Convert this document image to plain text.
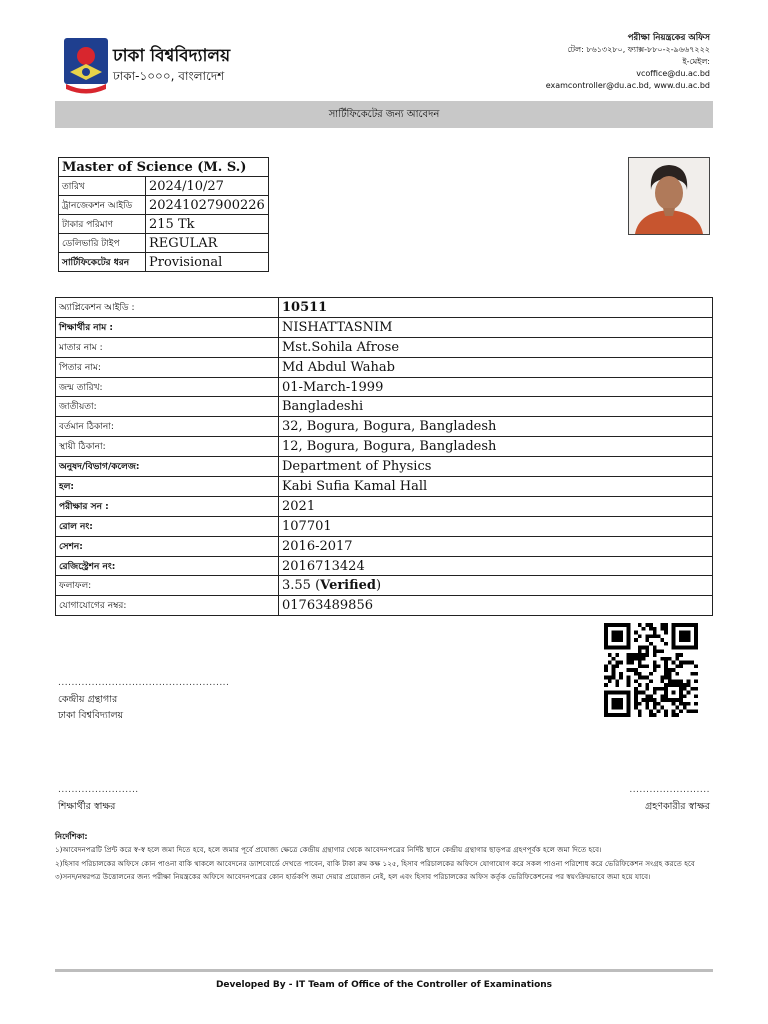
ঢাকা বিশ্ববিদ্যালয়
ঢাকা-১০০০, বাংলাদেশ
পরীক্ষা নিয়ন্ত্রকের অফিস
টেল: ৮৬১৩২৮০, ফ্যাক্স-৮৮০-২-৯৬৬৭২২২
ই-মেইল:
vcoffice@du.ac.bd
examcontroller@du.ac.bd, www.du.ac.bd
সার্টিফিকেটের জন্য আবেদন
Master of Science (M. S.)	
তারিখ	2024/10/27
ট্রানজেকশন আইডি	20241027900226
টাকার পরিমাণ	215 Tk
ডেলিভারি টাইপ	REGULAR
সার্টিফিকেটের ধরন	Provisional
অ্যাপ্লিকেশন আইডি :	10511
শিক্ষার্থীর নাম :	NISHATTASNIM
মাতার নাম :	Mst.Sohila Afrose
পিতার নাম:	Md Abdul Wahab
জন্ম তারিখ:	01-March-1999
জাতীয়তা:	Bangladeshi
বর্তমান ঠিকানা:	32, Bogura, Bogura, Bangladesh
স্থায়ী ঠিকানা:	12, Bogura, Bogura, Bangladesh
অনুষদ/বিভাগ/কলেজ:	Department of Physics
হল:	Kabi Sufia Kamal Hall
পরীক্ষার সন :	2021
রোল নং:	107701
সেশন:	2016-2017
রেজিস্ট্রেশন নং:	2016713424
ফলাফল:	3.55 (Verified)
যোগাযোগের নম্বর:	01763489856
...................................................
কেন্দ্রীয় গ্রন্থাগার
ঢাকা বিশ্ববিদ্যালয়
........................
শিক্ষার্থীর স্বাক্ষর
........................
গ্রহণকারীর স্বাক্ষর
নির্দেশিকা:
১)আবেদনপত্রটি প্রিন্ট করে স্ব-স্ব হলে জমা দিতে হবে, হলে জমার পূর্বে প্রযোজ্য ক্ষেত্রে কেন্দ্রীয় গ্রন্থাগার থেকে আবেদনপত্রের নির্দিষ্ট স্থানে কেন্দ্রীয় গ্রন্থাগার ছাড়পত্র গ্রহণপূর্বক হলে জমা দিতে হবে।
২)হিসাব পরিচালকের অফিসে কোন পাওনা বাকি থাকলে আবেদনের ড্যাশবোর্ডে দেখতে পাবেন, বাকি টাকা রুম কক্ষ ১২৫, হিসাব পরিচালকের অফিসে যোগাযোগ করে সকল পাওনা পরিশোধ করে ভেরিফিকেশন সংগ্রহ করতে হবে
৩)সনদ/নম্বরপত্র উত্তোলনের জন্য পরীক্ষা নিয়ন্ত্রকের অফিসে আবেদনপত্রের কোন হার্ডকপি জমা দেয়ার প্রয়োজন নেই, হল এবং হিসাব পরিচালকের অফিস কর্তৃক ভেরিফিকেশনের পর স্বয়ংক্রিয়ভাবে জমা হয়ে যাবে।
Developed By - IT Team of Office of the Controller of Examinations
